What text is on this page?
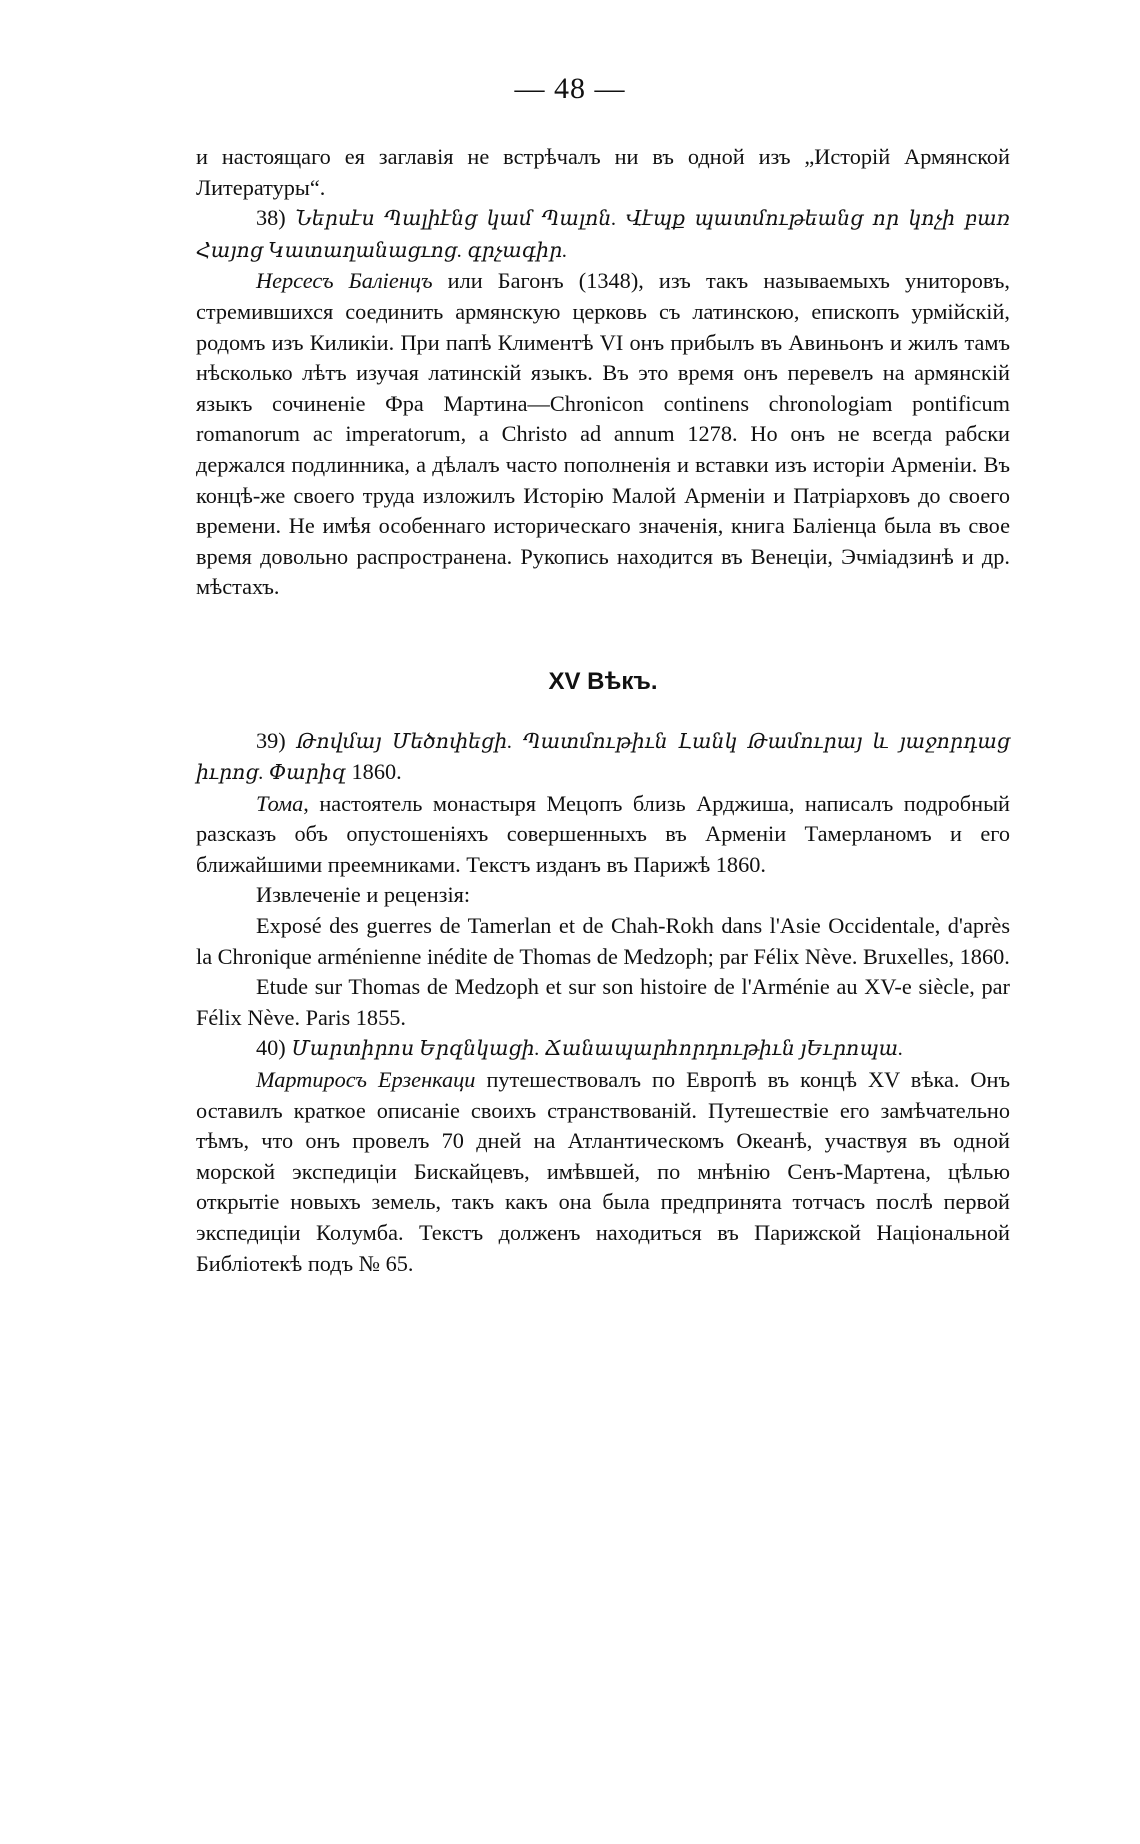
— 48 —

и настоящаго ея заглавія не встрѣчалъ ни въ одной изъ „Исторій Армянской Литературы“.

38) Ներսէս Պալիէնց կամ Պալոն. Վէպք պատմութեանց որ կոչի բառ Հայոց Կատաղանացւոց. գրչագիր.

Нерсесъ Баліенцъ или Багонъ (1348), изъ такъ называемыхъ униторовъ, стремившихся соединить армянскую церковь съ латинскою, епископъ урмійскій, родомъ изъ Киликіи. При папѣ Климентѣ VI онъ прибылъ въ Авиньонъ и жилъ тамъ нѣсколько лѣтъ изучая латинскій языкъ. Въ это время онъ перевелъ на армянскій языкъ сочиненіе Фра Мартина—Chronicon continens chronologiam pontificum romanorum ac imperatorum, a Christo ad annum 1278. Но онъ не всегда рабски держался подлинника, а дѣлалъ часто пополненія и вставки изъ исторіи Арменіи. Въ концѣ-же своего труда изложилъ Исторію Малой Арменіи и Патріарховъ до своего времени. Не имѣя особеннаго историческаго значенія, книга Баліенца была въ свое время довольно распространена. Рукопись находится въ Венеціи, Эчміадзинѣ и др. мѣстахъ.

XV Вѣкъ.

39) Թովմայ Մեծոփեցի. Պատմութիւն Լանկ Թամուրայ և յաջորդաց իւրոց. Փարիզ 1860.

Тома, настоятель монастыря Мецопъ близь Арджиша, написалъ подробный разсказъ объ опустошеніяхъ совершенныхъ въ Арменіи Тамерланомъ и его ближайшими преемниками. Текстъ изданъ въ Парижѣ 1860.

Извлеченіе и рецензія:

Exposé des guerres de Tamerlan et de Chah-Rokh dans l'Asie Occidentale, d'après la Chronique arménienne inédite de Thomas de Medzoph; par Félix Nève. Bruxelles, 1860.

Etude sur Thomas de Medzoph et sur son histoire de l'Arménie au XV-e siècle, par Félix Nève. Paris 1855.

40) Մարտիրոս Երզնկացի. Ճանապարհորդութիւն յԵւրոպա.

Мартиросъ Ерзенкаци путешествовалъ по Европѣ въ концѣ XV вѣка. Онъ оставилъ краткое описаніе своихъ странствованій. Путешествіе его замѣчательно тѣмъ, что онъ провелъ 70 дней на Атлантическомъ Океанѣ, участвуя въ одной морской экспедиціи Бискайцевъ, имѣвшей, по мнѣнію Сенъ-Мартена, цѣлью открытіе новыхъ земель, такъ какъ она была предпринята тотчасъ послѣ первой экспедиціи Колумба. Текстъ долженъ находиться въ Парижской Національной Библіотекѣ подъ № 65.
